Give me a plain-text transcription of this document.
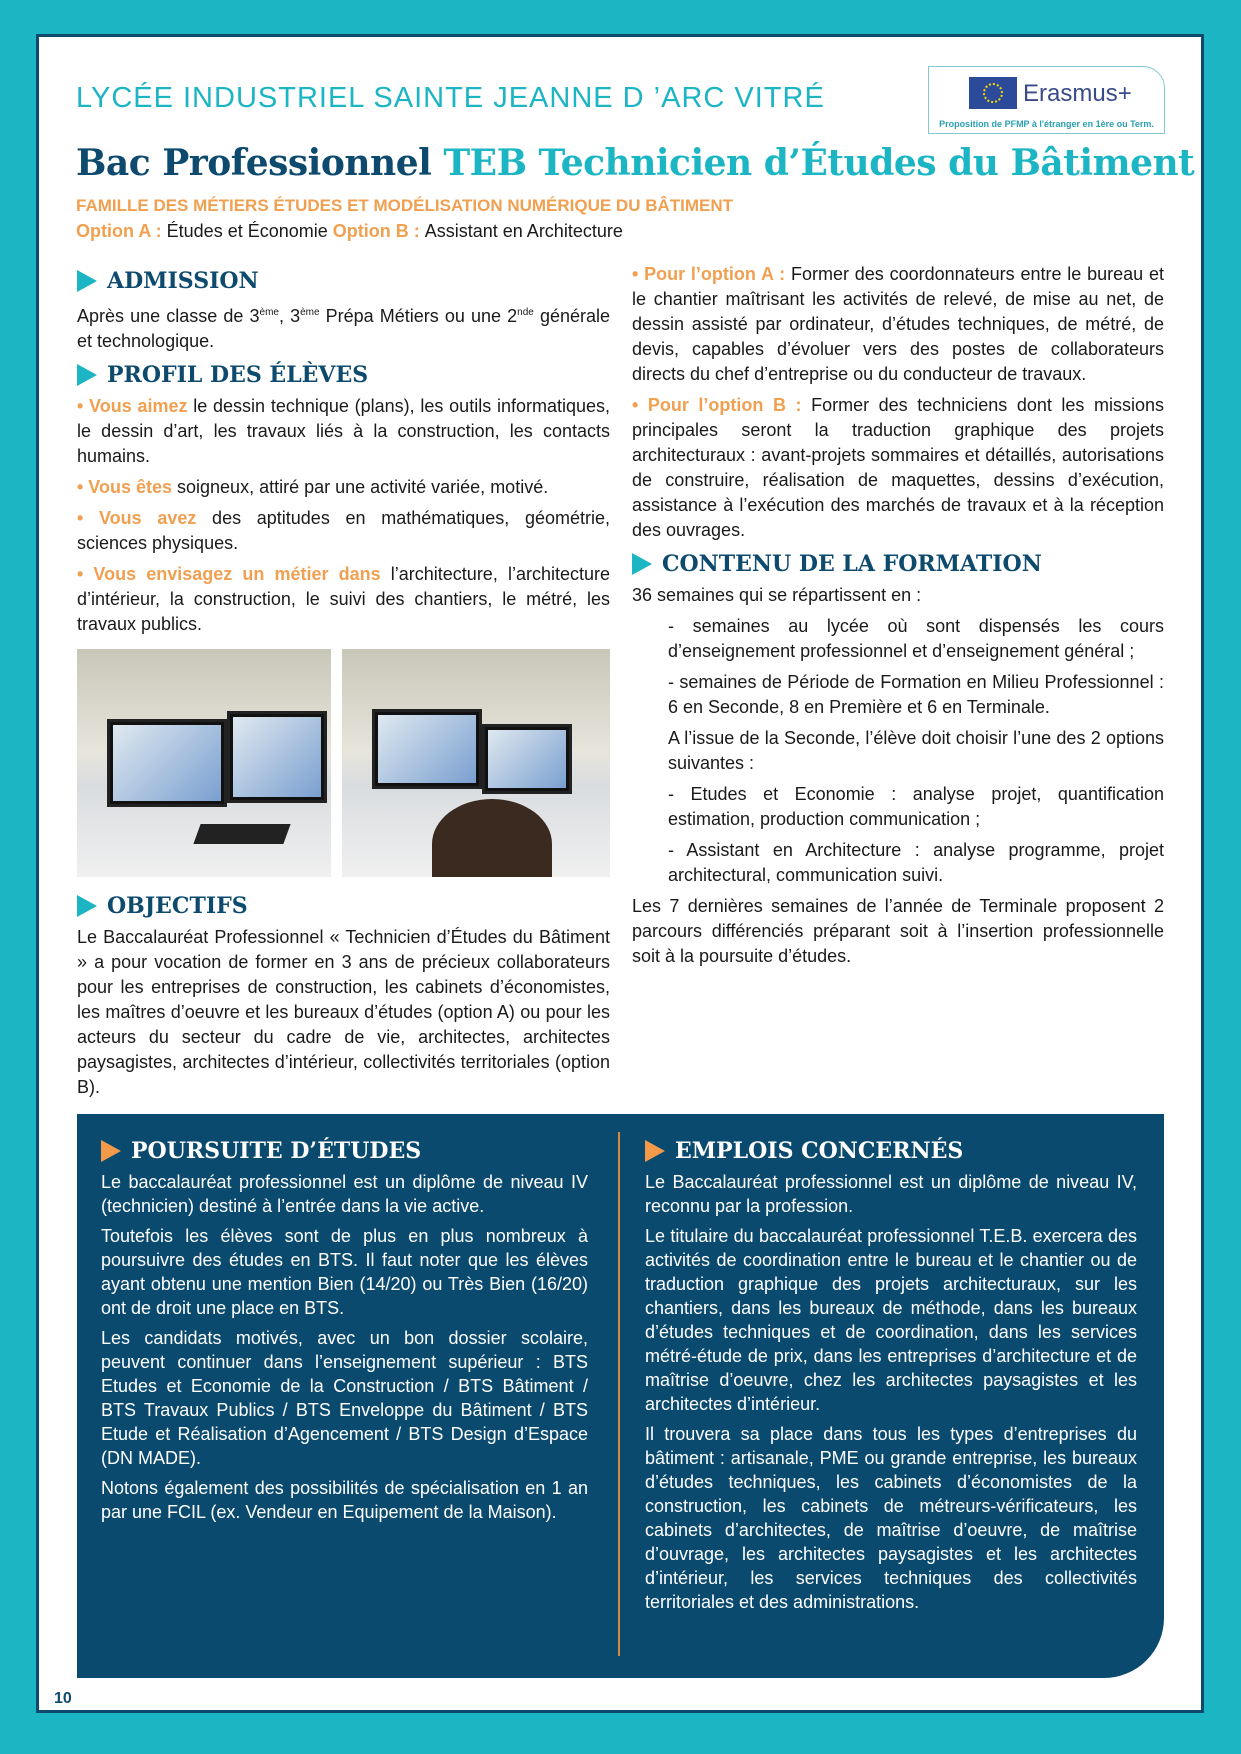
LYCÉE INDUSTRIEL SAINTE JEANNE D ’ARC VITRÉ	Erasmus+
Proposition de PFMP à l'étranger en 1ère ou Term.
Bac Professionnel TEB Technicien d’Études du Bâtiment
FAMILLE DES MÉTIERS ÉTUDES ET MODÉLISATION NUMÉRIQUE DU BÂTIMENT
Option A : Études et Économie Option B : Assistant en Architecture
ADMISSION

Après une classe de 3ème, 3ème Prépa Métiers ou une 2nde générale et technologique.

PROFIL DES ÉLÈVES

• Vous aimez le dessin technique (plans), les outils informatiques, le dessin d’art, les travaux liés à la construction, les contacts humains.

• Vous êtes soigneux, attiré par une activité variée, motivé.

• Vous avez des aptitudes en mathématiques, géométrie, sciences physiques.

• Vous envisagez un métier dans l’architecture, l’architecture d’intérieur, la construction, le suivi des chantiers, le métré, les travaux publics.

OBJECTIFS

Le Baccalauréat Professionnel « Technicien d’Études du Bâtiment » a pour vocation de former en 3 ans de précieux collaborateurs pour les entreprises de construction, les cabinets d’économistes, les maîtres d’oeuvre et les bureaux d’études (option A) ou pour les acteurs du secteur du cadre de vie, architectes, architectes paysagistes, architectes d’intérieur, collectivités territoriales (option B).

• Pour l’option A : Former des coordonnateurs entre le bureau et le chantier maîtrisant les activités de relevé, de mise au net, de dessin assisté par ordinateur, d’études techniques, de métré, de devis, capables d’évoluer vers des postes de collaborateurs directs du chef d’entreprise ou du conducteur de travaux.

• Pour l’option B : Former des techniciens dont les missions principales seront la traduction graphique des projets architecturaux : avant-projets sommaires et détaillés, autorisations de construire, réalisation de maquettes, dessins d’exécution, assistance à l’exécution des marchés de travaux et à la réception des ouvrages.

CONTENU DE LA FORMATION

36 semaines qui se répartissent en :

- semaines au lycée où sont dispensés les cours d’enseignement professionnel et d’enseignement général ;

- semaines de Période de Formation en Milieu Professionnel : 6 en Seconde, 8 en Première et 6 en Terminale.

A l’issue de la Seconde, l’élève doit choisir l’une des 2 options suivantes :

- Etudes et Economie : analyse projet, quantification estimation, production communication ;

- Assistant en Architecture : analyse programme, projet architectural, communication suivi.

Les 7 dernières semaines de l’année de Terminale proposent 2 parcours différenciés préparant soit à l’insertion professionnelle soit à la poursuite d’études.

POURSUITE D’ÉTUDES

Le baccalauréat professionnel est un diplôme de niveau IV (technicien) destiné à l’entrée dans la vie active.

Toutefois les élèves sont de plus en plus nombreux à poursuivre des études en BTS. Il faut noter que les élèves ayant obtenu une mention Bien (14/20) ou Très Bien (16/20) ont de droit une place en BTS.

Les candidats motivés, avec un bon dossier scolaire, peuvent continuer dans l’enseignement supérieur : BTS Etudes et Economie de la Construction / BTS Bâtiment / BTS Travaux Publics / BTS Enveloppe du Bâtiment / BTS Etude et Réalisation d’Agencement / BTS Design d’Espace (DN MADE).

Notons également des possibilités de spécialisation en 1 an par une FCIL (ex. Vendeur en Equipement de la Maison).

EMPLOIS CONCERNÉS

Le Baccalauréat professionnel est un diplôme de niveau IV, reconnu par la profession.

Le titulaire du baccalauréat professionnel T.E.B. exercera des activités de coordination entre le bureau et le chantier ou de traduction graphique des projets architecturaux, sur les chantiers, dans les bureaux de méthode, dans les bureaux d’études techniques et de coordination, dans les services métré-étude de prix, dans les entreprises d’architecture et de maîtrise d’oeuvre, chez les architectes paysagistes et les architectes d’intérieur.

Il trouvera sa place dans tous les types d’entreprises du bâtiment : artisanale, PME ou grande entreprise, les bureaux d’études techniques, les cabinets d’économistes de la construction, les cabinets de métreurs-vérificateurs, les cabinets d’architectes, de maîtrise d’oeuvre, de maîtrise d’ouvrage, les architectes paysagistes et les architectes d’intérieur, les services techniques des collectivités territoriales et des administrations.

10
